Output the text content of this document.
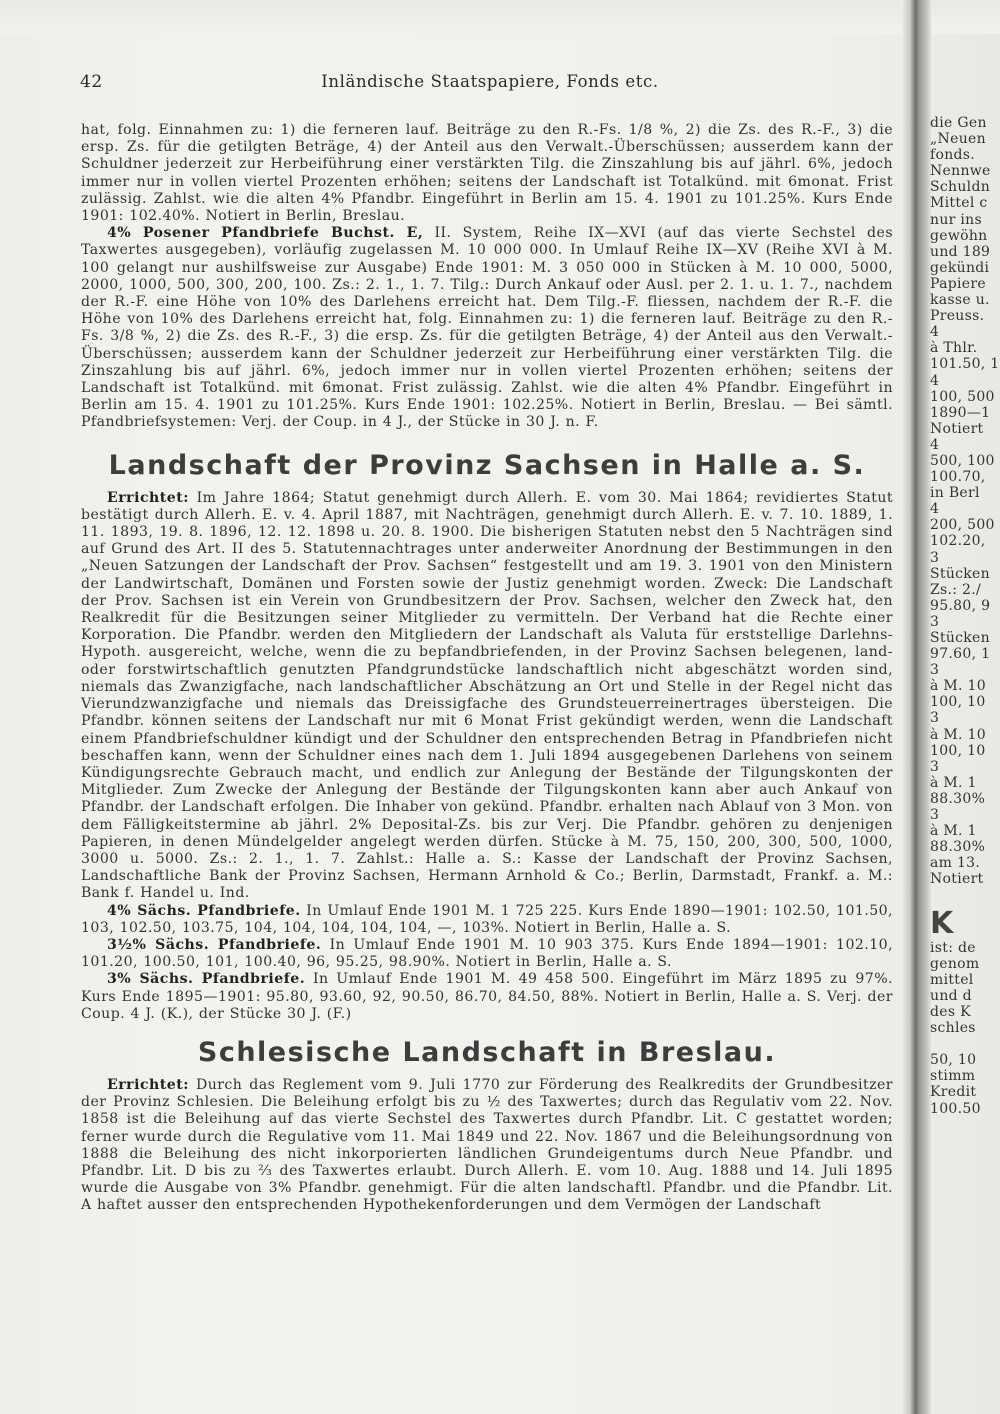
42	Inländische Staatspapiere, Fonds etc.

hat, folg. Einnahmen zu: 1) die ferneren lauf. Beiträge zu den R.-Fs. 1/8 %, 2) die Zs. des R.-F., 3) die ersp. Zs. für die getilgten Beträge, 4) der Anteil aus den Verwalt.-Überschüssen; ausserdem kann der Schuldner jederzeit zur Herbeiführung einer verstärkten Tilg. die Zinszahlung bis auf jährl. 6%, jedoch immer nur in vollen viertel Prozenten erhöhen; seitens der Landschaft ist Totalkünd. mit 6monat. Frist zulässig. Zahlst. wie die alten 4% Pfandbr. Eingeführt in Berlin am 15. 4. 1901 zu 101.25%. Kurs Ende 1901: 102.40%. Notiert in Berlin, Breslau.

4% Posener Pfandbriefe Buchst. E, II. System, Reihe IX—XVI (auf das vierte Sechstel des Taxwertes ausgegeben), vorläufig zugelassen M. 10 000 000. In Umlauf Reihe IX—XV (Reihe XVI à M. 100 gelangt nur aushilfsweise zur Ausgabe) Ende 1901: M. 3 050 000 in Stücken à M. 10 000, 5000, 2000, 1000, 500, 300, 200, 100. Zs.: 2. 1., 1. 7. Tilg.: Durch Ankauf oder Ausl. per 2. 1. u. 1. 7., nachdem der R.-F. eine Höhe von 10% des Darlehens erreicht hat. Dem Tilg.-F. fliessen, nachdem der R.-F. die Höhe von 10% des Darlehens erreicht hat, folg. Einnahmen zu: 1) die ferneren lauf. Beiträge zu den R.-Fs. 3/8 %, 2) die Zs. des R.-F., 3) die ersp. Zs. für die getilgten Beträge, 4) der Anteil aus den Verwalt.-Überschüssen; ausserdem kann der Schuldner jederzeit zur Herbeiführung einer verstärkten Tilg. die Zinszahlung bis auf jährl. 6%, jedoch immer nur in vollen viertel Prozenten erhöhen; seitens der Landschaft ist Totalkünd. mit 6monat. Frist zulässig. Zahlst. wie die alten 4% Pfandbr. Eingeführt in Berlin am 15. 4. 1901 zu 101.25%. Kurs Ende 1901: 102.25%. Notiert in Berlin, Breslau. — Bei sämtl. Pfandbriefsystemen: Verj. der Coup. in 4 J., der Stücke in 30 J. n. F.

Landschaft der Provinz Sachsen in Halle a. S.

Errichtet: Im Jahre 1864; Statut genehmigt durch Allerh. E. vom 30. Mai 1864; revidiertes Statut bestätigt durch Allerh. E. v. 4. April 1887, mit Nachträgen, genehmigt durch Allerh. E. v. 7. 10. 1889, 1. 11. 1893, 19. 8. 1896, 12. 12. 1898 u. 20. 8. 1900. Die bisherigen Statuten nebst den 5 Nachträgen sind auf Grund des Art. II des 5. Statutennachtrages unter anderweiter Anordnung der Bestimmungen in den „Neuen Satzungen der Landschaft der Prov. Sachsen“ festgestellt und am 19. 3. 1901 von den Ministern der Landwirtschaft, Domänen und Forsten sowie der Justiz genehmigt worden. Zweck: Die Landschaft der Prov. Sachsen ist ein Verein von Grundbesitzern der Prov. Sachsen, welcher den Zweck hat, den Realkredit für die Besitzungen seiner Mitglieder zu vermitteln. Der Verband hat die Rechte einer Korporation. Die Pfandbr. werden den Mitgliedern der Landschaft als Valuta für erststellige Darlehns-Hypoth. ausgereicht, welche, wenn die zu bepfandbriefenden, in der Provinz Sachsen belegenen, land- oder forstwirtschaftlich genutzten Pfandgrundstücke landschaftlich nicht abgeschätzt worden sind, niemals das Zwanzigfache, nach landschaftlicher Abschätzung an Ort und Stelle in der Regel nicht das Vierundzwanzigfache und niemals das Dreissigfache des Grundsteuerreinertrages übersteigen. Die Pfandbr. können seitens der Landschaft nur mit 6 Monat Frist gekündigt werden, wenn die Landschaft einem Pfandbriefschuldner kündigt und der Schuldner den entsprechenden Betrag in Pfandbriefen nicht beschaffen kann, wenn der Schuldner eines nach dem 1. Juli 1894 ausgegebenen Darlehens von seinem Kündigungsrechte Gebrauch macht, und endlich zur Anlegung der Bestände der Tilgungskonten der Mitglieder. Zum Zwecke der Anlegung der Bestände der Tilgungskonten kann aber auch Ankauf von Pfandbr. der Landschaft erfolgen. Die Inhaber von gekünd. Pfandbr. erhalten nach Ablauf von 3 Mon. von dem Fälligkeitstermine ab jährl. 2% Deposital-Zs. bis zur Verj. Die Pfandbr. gehören zu denjenigen Papieren, in denen Mündelgelder angelegt werden dürfen. Stücke à M. 75, 150, 200, 300, 500, 1000, 3000 u. 5000. Zs.: 2. 1., 1. 7. Zahlst.: Halle a. S.: Kasse der Landschaft der Provinz Sachsen, Landschaftliche Bank der Provinz Sachsen, Hermann Arnhold & Co.; Berlin, Darmstadt, Frankf. a. M.: Bank f. Handel u. Ind.

4% Sächs. Pfandbriefe. In Umlauf Ende 1901 M. 1 725 225. Kurs Ende 1890—1901: 102.50, 101.50, 103, 102.50, 103.75, 104, 104, 104, 104, 104, —, 103%. Notiert in Berlin, Halle a. S.

3½% Sächs. Pfandbriefe. In Umlauf Ende 1901 M. 10 903 375. Kurs Ende 1894—1901: 102.10, 101.20, 100.50, 101, 100.40, 96, 95.25, 98.90%. Notiert in Berlin, Halle a. S.

3% Sächs. Pfandbriefe. In Umlauf Ende 1901 M. 49 458 500. Eingeführt im März 1895 zu 97%. Kurs Ende 1895—1901: 95.80, 93.60, 92, 90.50, 86.70, 84.50, 88%. Notiert in Berlin, Halle a. S. Verj. der Coup. 4 J. (K.), der Stücke 30 J. (F.)

Schlesische Landschaft in Breslau.

Errichtet: Durch das Reglement vom 9. Juli 1770 zur Förderung des Realkredits der Grundbesitzer der Provinz Schlesien. Die Beleihung erfolgt bis zu ½ des Taxwertes; durch das Regulativ vom 22. Nov. 1858 ist die Beleihung auf das vierte Sechstel des Taxwertes durch Pfandbr. Lit. C gestattet worden; ferner wurde durch die Regulative vom 11. Mai 1849 und 22. Nov. 1867 und die Beleihungsordnung von 1888 die Beleihung des nicht inkorporierten ländlichen Grundeigentums durch Neue Pfandbr. und Pfandbr. Lit. D bis zu ⅔ des Taxwertes erlaubt. Durch Allerh. E. vom 10. Aug. 1888 und 14. Juli 1895 wurde die Ausgabe von 3% Pfandbr. genehmigt. Für die alten landschaftl. Pfandbr. und die Pfandbr. Lit. A haftet ausser den entsprechenden Hypothekenforderungen und dem Vermögen der Landschaft

die Gen
„Neuen
fonds.
Nennwe
Schuldn
Mittel c
nur ins
gewöhn
und 189
gekündi
Papiere
kasse u.
Preuss.
4
à Thlr.
101.50, 1
4
100, 500
1890—1
Notiert
4
500, 100
100.70,
in Berl
4
200, 500
102.20,
3
Stücken
Zs.: 2./
95.80, 9
3
Stücken
97.60, 1
3
à M. 10
100, 10
3
à M. 10
100, 10
3
à M. 1
88.30%
3
à M. 1
88.30%
am 13.
Notiert
K
ist: de
genom
mittel
und d
des K
schles
50, 10
stimm
Kredit
100.50
